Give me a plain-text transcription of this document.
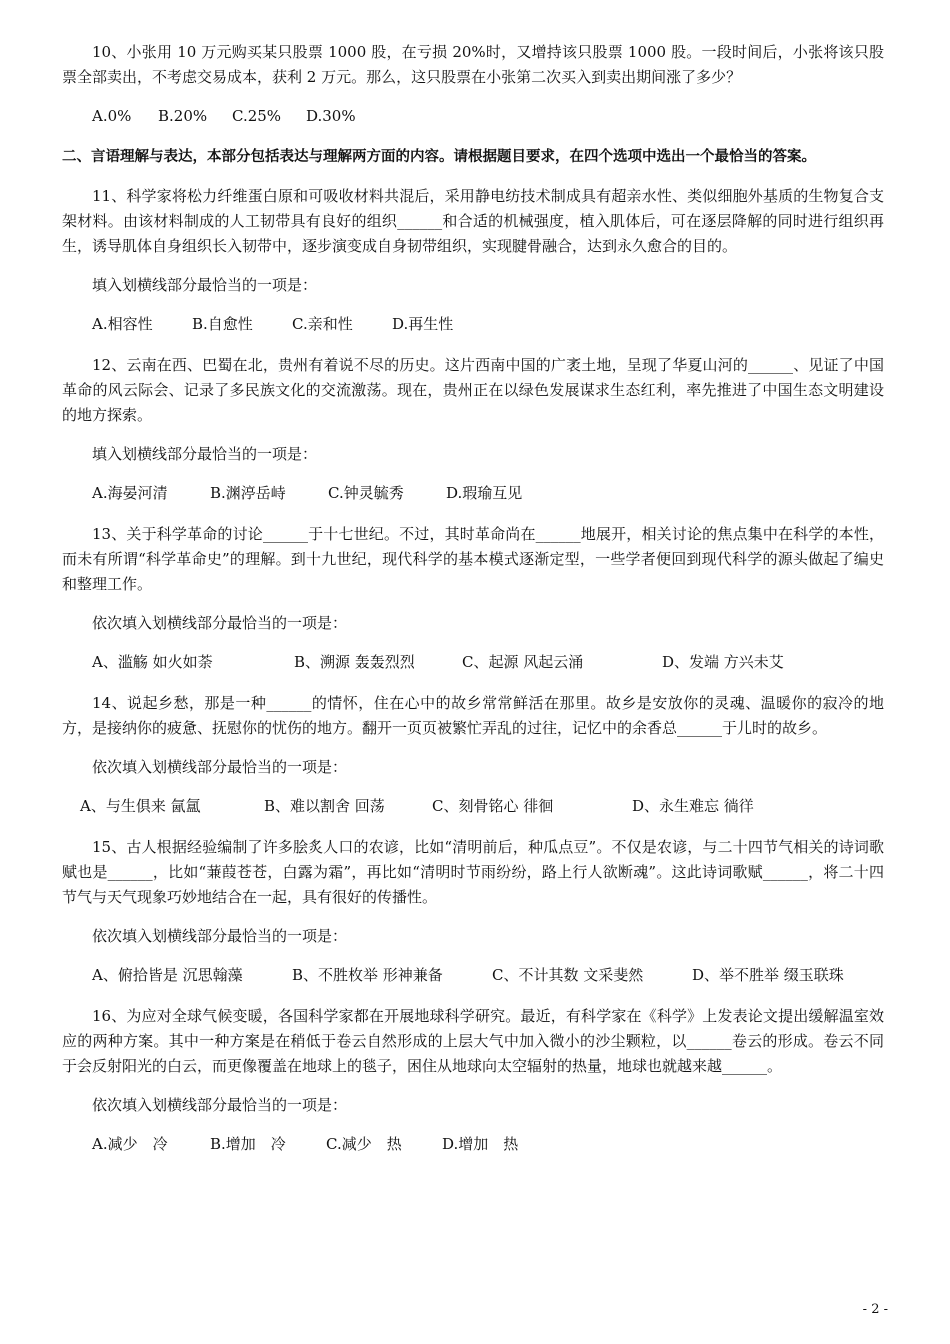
10、小张用 10 万元购买某只股票 1000 股，在亏损 20%时，又增持该只股票 1000 股。一段时间后，小张将该只股票全部卖出，不考虑交易成本，获利 2 万元。那么，这只股票在小张第二次买入到卖出期间涨了多少？

A.0%	B.20%	C.25%	D.30%

二、言语理解与表达，本部分包括表达与理解两方面的内容。请根据题目要求，在四个选项中选出一个最恰当的答案。

11、科学家将松力纤维蛋白原和可吸收材料共混后，采用静电纺技术制成具有超亲水性、类似细胞外基质的生物复合支架材料。由该材料制成的人工韧带具有良好的组织______和合适的机械强度，植入肌体后，可在逐层降解的同时进行组织再生，诱导肌体自身组织长入韧带中，逐步演变成自身韧带组织，实现腱骨融合，达到永久愈合的目的。

填入划横线部分最恰当的一项是：

A.相容性	B.自愈性	C.亲和性	D.再生性

12、云南在西、巴蜀在北，贵州有着说不尽的历史。这片西南中国的广袤土地，呈现了华夏山河的______、见证了中国革命的风云际会、记录了多民族文化的交流激荡。现在，贵州正在以绿色发展谋求生态红利，率先推进了中国生态文明建设的地方探索。

填入划横线部分最恰当的一项是：

A.海晏河清	B.渊渟岳峙	C.钟灵毓秀	D.瑕瑜互见

13、关于科学革命的讨论______于十七世纪。不过，其时革命尚在______地展开，相关讨论的焦点集中在科学的本性，而未有所谓“科学革命史”的理解。到十九世纪，现代科学的基本模式逐渐定型，一些学者便回到现代科学的源头做起了编史和整理工作。

依次填入划横线部分最恰当的一项是：

A、滥觞 如火如荼	B、溯源 轰轰烈烈	C、起源 风起云涌	D、发端 方兴未艾

14、说起乡愁，那是一种______的情怀，住在心中的故乡常常鲜活在那里。故乡是安放你的灵魂、温暖你的寂冷的地方，是接纳你的疲惫、抚慰你的忧伤的地方。翻开一页页被繁忙弄乱的过往，记忆中的余香总______于儿时的故乡。

依次填入划横线部分最恰当的一项是：

A、与生俱来 氤氲	B、难以割舍 回荡	C、刻骨铭心 徘徊	D、永生难忘 徜徉

15、古人根据经验编制了许多脍炙人口的农谚，比如“清明前后，种瓜点豆”。不仅是农谚，与二十四节气相关的诗词歌赋也是______，比如“蒹葭苍苍，白露为霜”，再比如“清明时节雨纷纷，路上行人欲断魂”。这此诗词歌赋______，将二十四节气与天气现象巧妙地结合在一起，具有很好的传播性。

依次填入划横线部分最恰当的一项是：

A、俯拾皆是 沉思翰藻	B、不胜枚举 形神兼备	C、不计其数 文采斐然	D、举不胜举 缀玉联珠

16、为应对全球气候变暖，各国科学家都在开展地球科学研究。最近，有科学家在《科学》上发表论文提出缓解温室效应的两种方案。其中一种方案是在稍低于卷云自然形成的上层大气中加入微小的沙尘颗粒，以______卷云的形成。卷云不同于会反射阳光的白云，而更像覆盖在地球上的毯子，困住从地球向太空辐射的热量，地球也就越来越______。

依次填入划横线部分最恰当的一项是：

A.减少　冷	B.增加　冷	C.减少　热	D.增加　热
- 2 -
